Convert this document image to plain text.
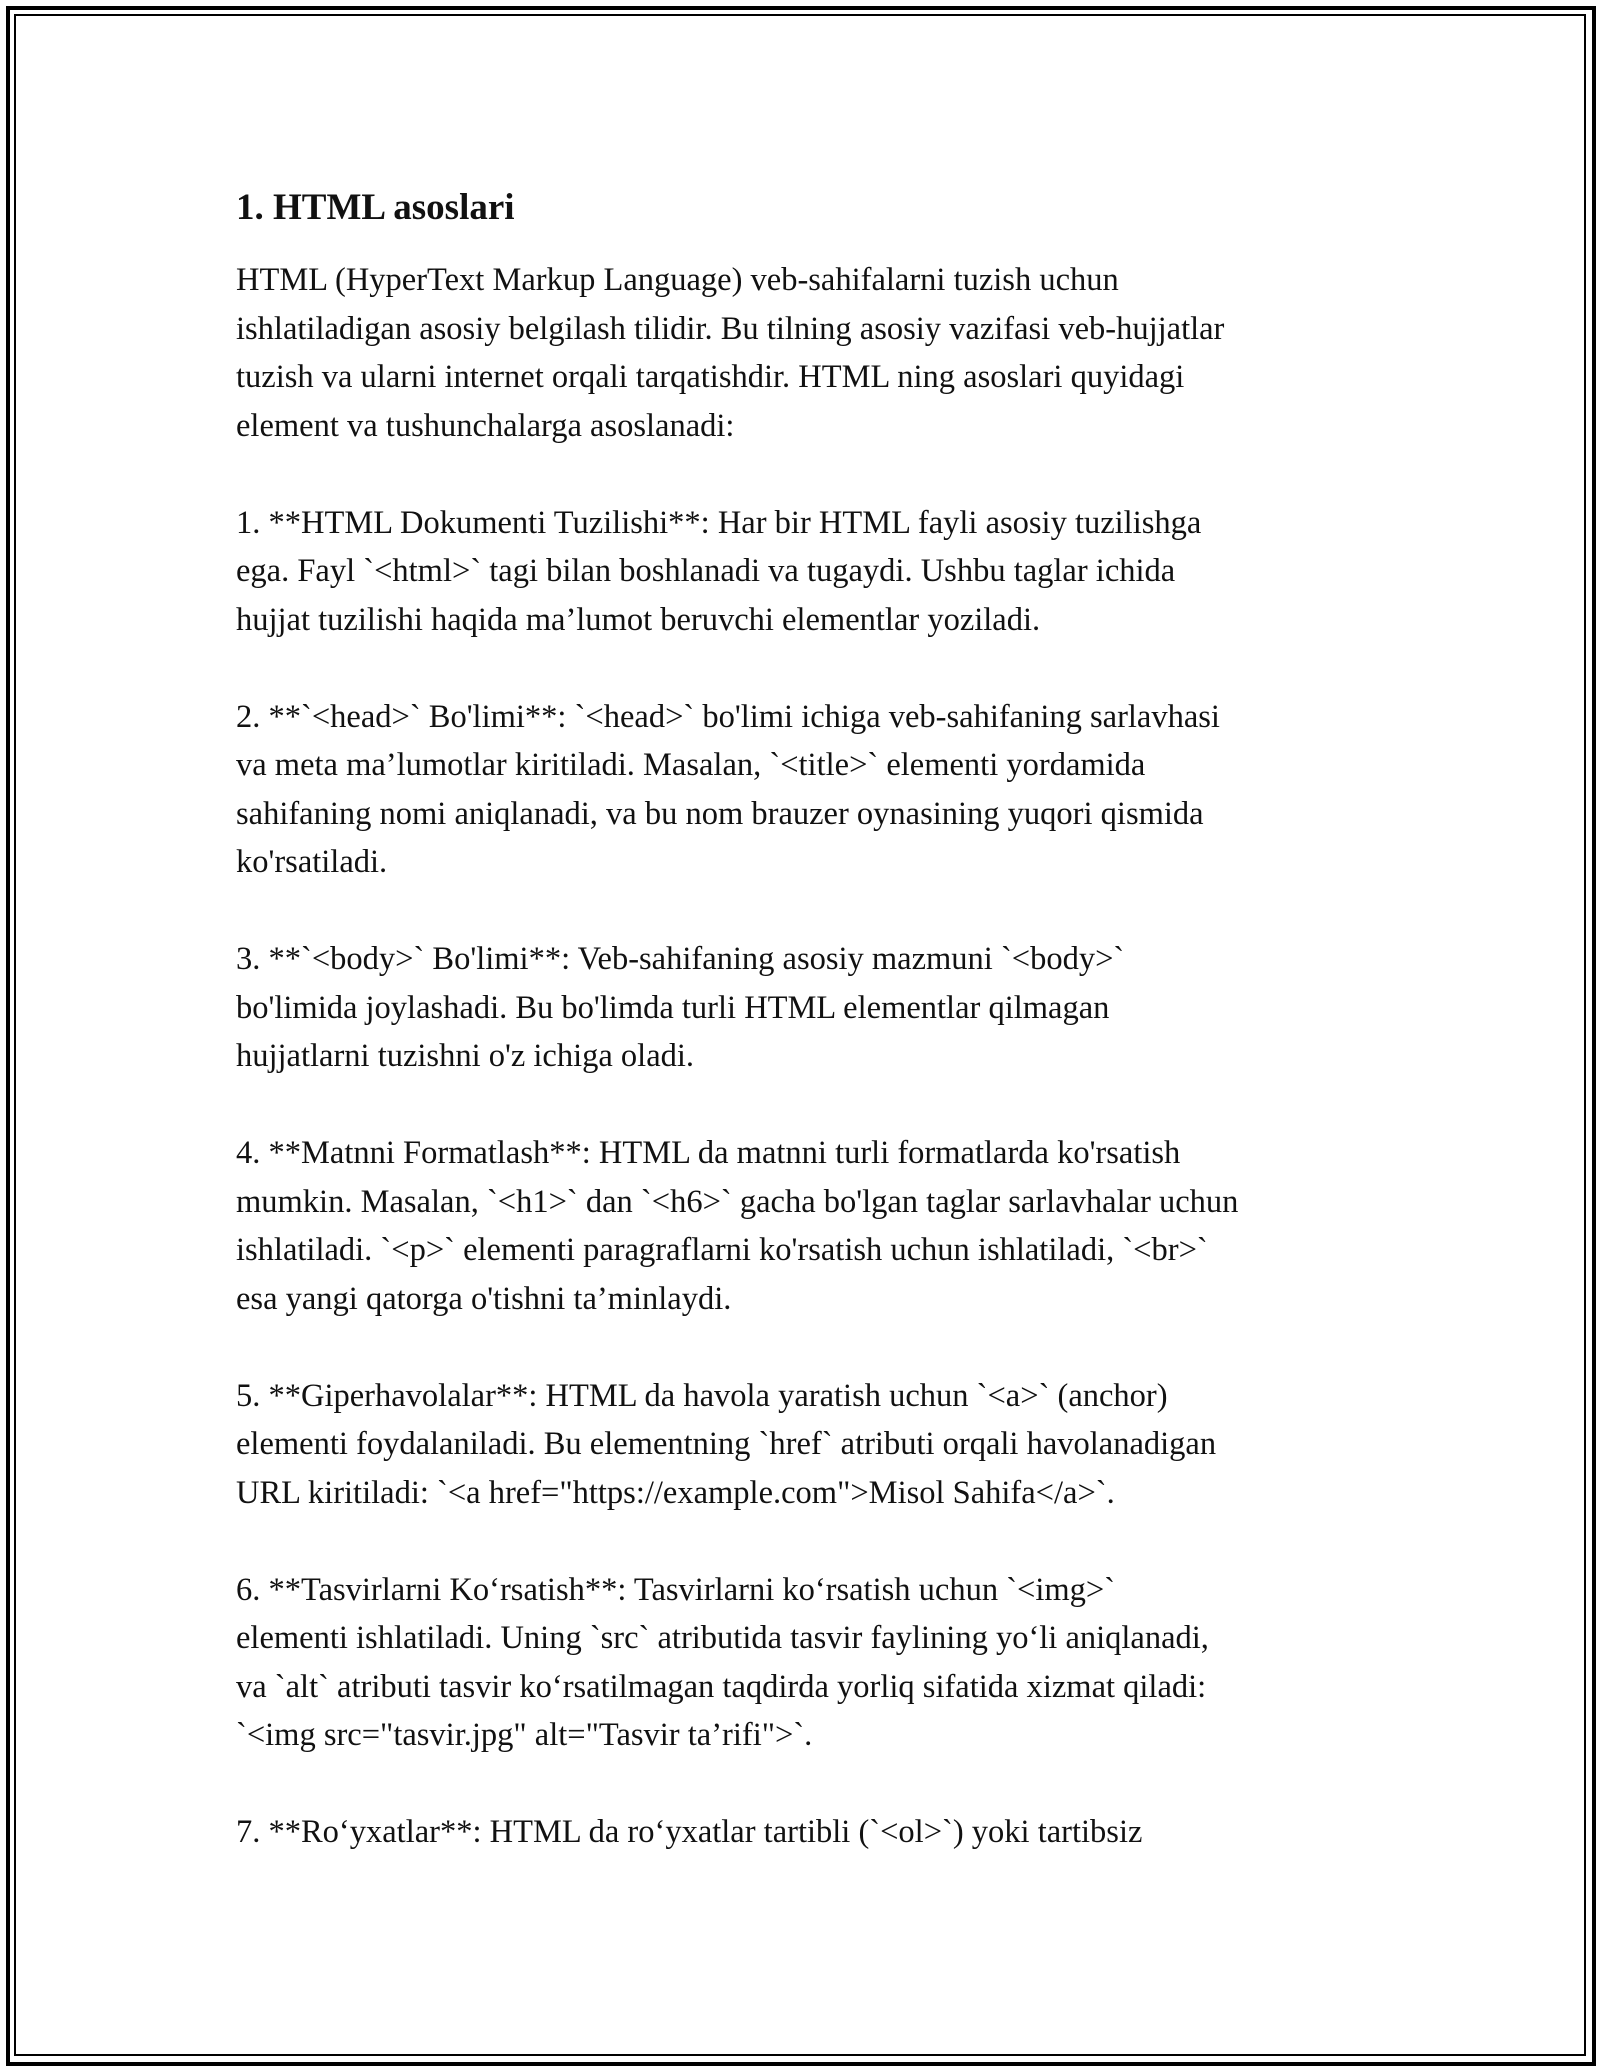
1. HTML asoslari
HTML (HyperText Markup Language) veb-sahifalarni tuzish uchun
ishlatiladigan asosiy belgilash tilidir. Bu tilning asosiy vazifasi veb-hujjatlar
tuzish va ularni internet orqali tarqatishdir. HTML ning asoslari quyidagi
element va tushunchalarga asoslanadi:
1. **HTML Dokumenti Tuzilishi**: Har bir HTML fayli asosiy tuzilishga
ega. Fayl `<html>` tagi bilan boshlanadi va tugaydi. Ushbu taglar ichida
hujjat tuzilishi haqida ma’lumot beruvchi elementlar yoziladi.
2. **`<head>` Bo'limi**: `<head>` bo'limi ichiga veb-sahifaning sarlavhasi
va meta ma’lumotlar kiritiladi. Masalan, `<title>` elementi yordamida
sahifaning nomi aniqlanadi, va bu nom brauzer oynasining yuqori qismida
ko'rsatiladi.
3. **`<body>` Bo'limi**: Veb-sahifaning asosiy mazmuni `<body>`
bo'limida joylashadi. Bu bo'limda turli HTML elementlar qilmagan
hujjatlarni tuzishni o'z ichiga oladi.
4. **Matnni Formatlash**: HTML da matnni turli formatlarda ko'rsatish
mumkin. Masalan, `<h1>` dan `<h6>` gacha bo'lgan taglar sarlavhalar uchun
ishlatiladi. `<p>` elementi paragraflarni ko'rsatish uchun ishlatiladi, `<br>`
esa yangi qatorga o'tishni ta’minlaydi.
5. **Giperhavolalar**: HTML da havola yaratish uchun `<a>` (anchor)
elementi foydalaniladi. Bu elementning `href` atributi orqali havolanadigan
URL kiritiladi: `<a href="https://example.com">Misol Sahifa</a>`.
6. **Tasvirlarni Ko‘rsatish**: Tasvirlarni ko‘rsatish uchun `<img>`
elementi ishlatiladi. Uning `src` atributida tasvir faylining yo‘li aniqlanadi,
va `alt` atributi tasvir ko‘rsatilmagan taqdirda yorliq sifatida xizmat qiladi:
`<img src="tasvir.jpg" alt="Tasvir ta’rifi">`.
7. **Ro‘yxatlar**: HTML da ro‘yxatlar tartibli (`<ol>`) yoki tartibsiz
